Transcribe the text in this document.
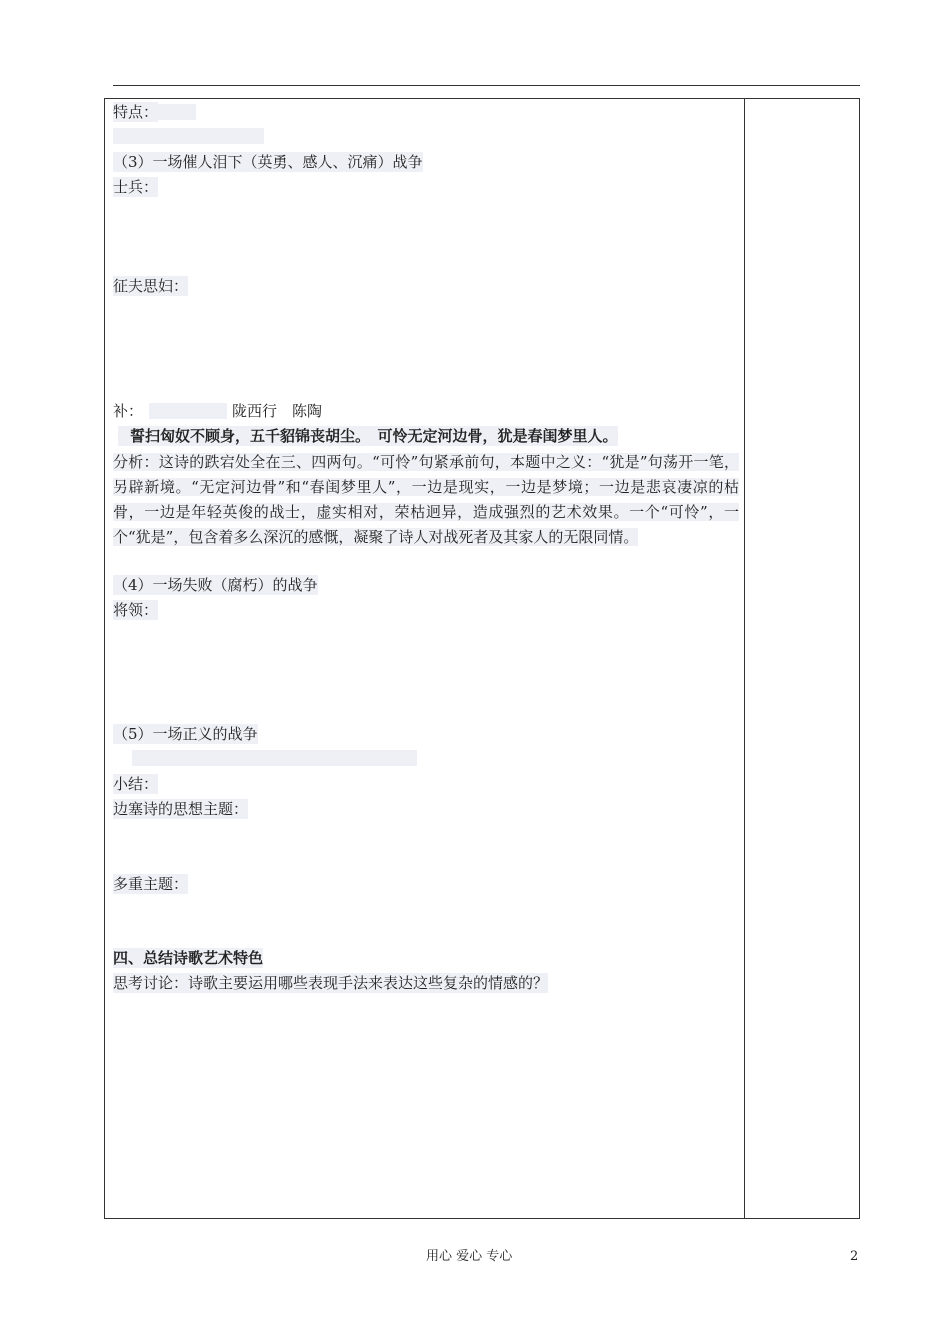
特点：
（3）一场催人泪下（英勇、感人、沉痛）战争
士兵：
征夫思妇：
补：	陇西行　陈陶
誓扫匈奴不顾身，五千貂锦丧胡尘。　可怜无定河边骨，犹是春闺梦里人。
分析：这诗的跌宕处全在三、四两句。“可怜”句紧承前句，本题中之义：“犹是”句荡开一笔，另辟新境。“无定河边骨”和“春闺梦里人”，一边是现实，一边是梦境；一边是悲哀凄凉的枯骨，一边是年轻英俊的战士，虚实相对，荣枯迥异，造成强烈的艺术效果。一个“可怜”，一个“犹是”，包含着多么深沉的感慨，凝聚了诗人对战死者及其家人的无限同情。
（4）一场失败（腐朽）的战争
将领：
（5）一场正义的战争
小结：
边塞诗的思想主题：
多重主题：
四、总结诗歌艺术特色
思考讨论：诗歌主要运用哪些表现手法来表达这些复杂的情感的？
用心 爱心 专心	2
